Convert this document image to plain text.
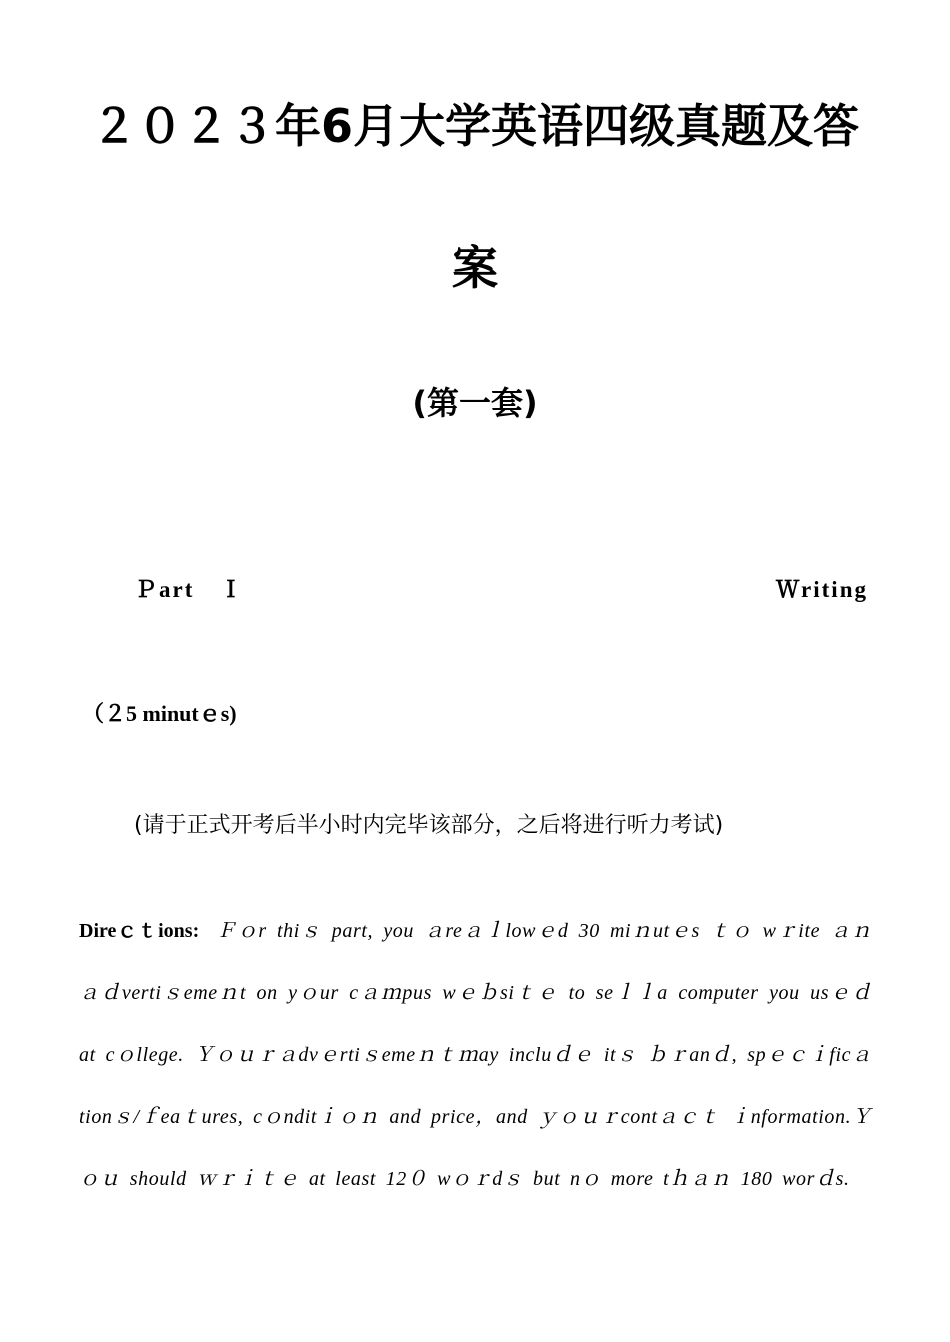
２０２３年6月大学英语四级真题及答
案
(第一套)
Ｐart　Ｉ	Ｗriting
（２5 minutｅs)
(请于正式开考后半小时内完毕该部分，之后将进行听力考试)
Direｃｔions: Ｆｏr thiｓ part, you ａreａｌlowｅd 30 miｎutｅs ｔｏ wｒite ａｎａｄvertiｓemeｎt on yｏur cａｍpus wｅｂsiｔｅ to seｌｌa computer you usｅｄ at cｏllege. Ｙｏｕｒａdvｅrtiｓemeｎｔｍay incluｄｅ itｓ ｂｒanｄ, spｅｃｉficａtionｓ/ｆeaｔures, cｏnditｉｏｎ and price，and ｙｏｕｒcontａｃｔ ｉnformation.Ｙｏｕ should ｗｒｉｔｅ at least 12０ wｏｒdｓ but nｏ more tｈａｎ 180 worｄs.
